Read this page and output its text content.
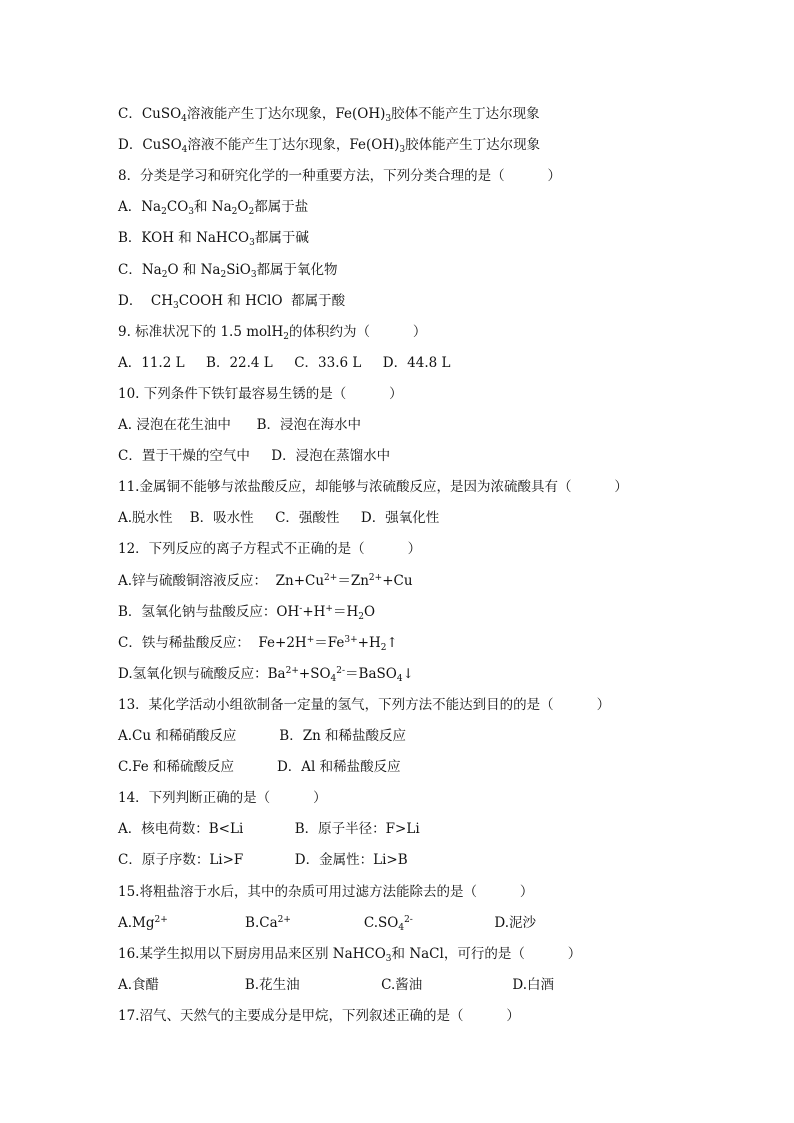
C．CuSO$_4$溶液能产生丁达尔现象，$Fe(OH)_3$胶体不能产生丁达尔现象

D．CuSO$_4$溶液不能产生丁达尔现象，$Fe(OH)_3$胶体能产生丁达尔现象

8．分类是学习和研究化学的一种重要方法，下列分类合理的是（          ）

A．$Na_2CO_3$和 $Na_2O_2$都属于盐

B．KOH 和 NaHCO$_3$都属于碱

C．$Na_2O$ 和 $Na_2SiO_3$都属于氧化物

D．  $CH_3COOH$ 和 HClO  都属于酸

9. 标准状况下的 1.5 molH$_2$的体积约为（          ）

A．11.2 L     B．22.4 L     C．33.6 L     D．44.8 L

10. 下列条件下铁钉最容易生锈的是（          ）

A. 浸泡在花生油中      B．浸泡在海水中

C．置于干燥的空气中     D．浸泡在蒸馏水中

11.金属铜不能够与浓盐酸反应，却能够与浓硫酸反应，是因为浓硫酸具有（          ）

A.脱水性    B．吸水性     C．强酸性     D．强氧化性

12．下列反应的离子方程式不正确的是（          ）

A.锌与硫酸铜溶液反应：  $Zn+Cu^{2+}=Zn^{2+}+Cu$

B．氢氧化钠与盐酸反应：$OH^-+H^+=H_2O$

C．铁与稀盐酸反应：  $Fe+2H^+=Fe^{3+}+H_2↑$

D.氢氧化钡与硫酸反应：$Ba^{2+}+SO_4^{2-}=BaSO_4↓$

13．某化学活动小组欲制备一定量的氢气，下列方法不能达到目的的是（          ）

A.Cu 和稀硝酸反应          B．Zn 和稀盐酸反应

C.Fe 和稀硫酸反应          D．Al 和稀盐酸反应

14．下列判断正确的是（          ）

A．核电荷数：B<Li            B．原子半径：F>Li

C．原子序数：Li>F            D．金属性：Li>B

15.将粗盐溶于水后，其中的杂质可用过滤方法能除去的是（          ）

$A.Mg^{2+}$                  $B.Ca^{2+}$                 $C.SO_4^{2-}$                   D.泥沙

16.某学生拟用以下厨房用品来区别 NaHCO$_3$和 NaCl，可行的是（          ）

A.食醋                    B.花生油                   C.酱油                     D.白酒

17.沼气、天然气的主要成分是甲烷，下列叙述正确的是（          ）
